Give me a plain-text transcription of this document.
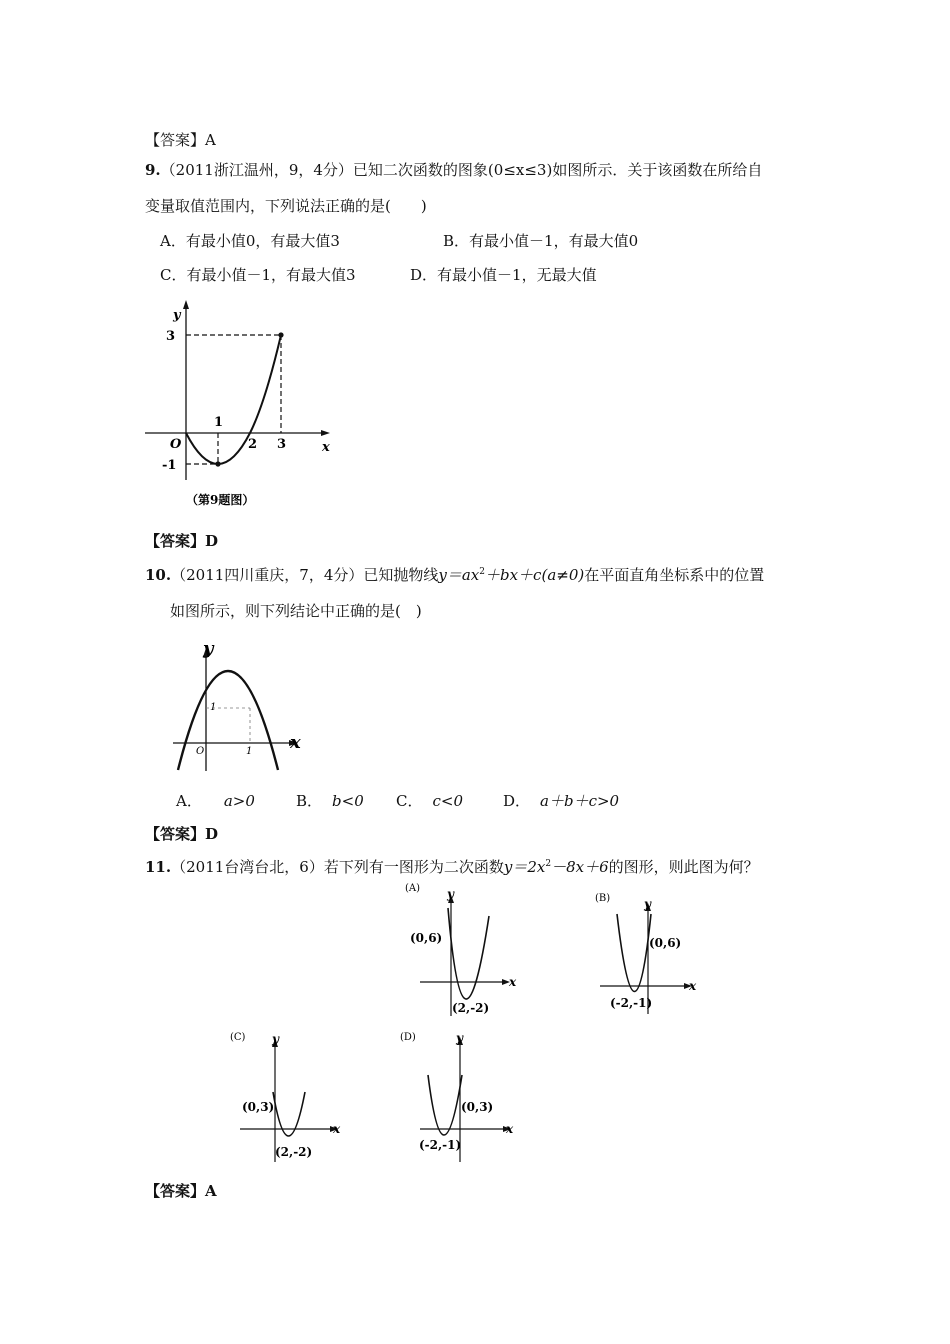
【答案】A
9.（2011浙江温州，9，4分）已知二次函数的图象(0≤x≤3)如图所示．关于该函数在所给自
变量取值范围内，下列说法正确的是(　　)
A．有最小值0，有最大值3	B．有最小值－1，有最大值0
C．有最小值－1，有最大值3	D．有最小值－1，无最大值
y
x
3
O
-1
1
2 3
（第9题图）
【答案】D
10.（2011四川重庆，7，4分）已知抛物线$y=ax^2+bx+c(a\ne 0)$在平面直角坐标系中的位置
如图所示，则下列结论中正确的是(　)
y
x
O
1
1
A． a>0	B． b<0 C． c<0	D． a＋b＋c>0
【答案】D
11.（2011台湾台北，6）若下列有一图形为二次函数$y=2x^2-8x+6$的图形，则此图为何？
(A) y
x
(0,6)
(2,-2)
(B)	y
x
(0,6)
(-2,-1)
(C) y
x
(0,3)
(2,-2)
(D)	y
x
(0,3)
(-2,-1)
【答案】A
